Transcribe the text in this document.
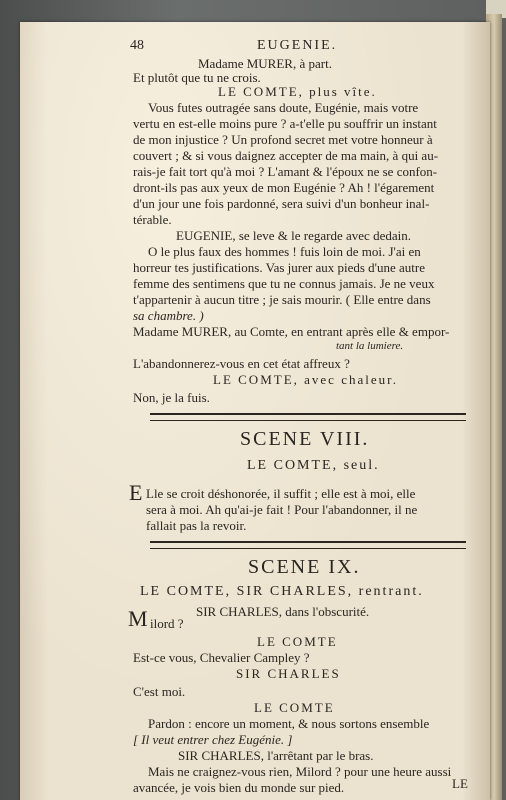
48	EUGENIE.
Madame MURER, à part.
Et plutôt que tu ne crois.
LE COMTE, plus vîte.
Vous futes outragée sans doute, Eugénie, mais votre
vertu en est-elle moins pure ? a-t'elle pu souffrir un instant
de mon injustice ? Un profond secret met votre honneur à
couvert ; & si vous daignez accepter de ma main, à qui au-
rais-je fait tort qu'à moi ? L'amant & l'époux ne se confon-
dront-ils pas aux yeux de mon Eugénie ? Ah ! l'égarement
d'un jour une fois pardonné, sera suivi d'un bonheur inal-
térable.
EUGENIE, se leve & le regarde avec dedain.
O le plus faux des hommes ! fuis loin de moi. J'ai en
horreur tes justifications. Vas jurer aux pieds d'une autre
femme des sentimens que tu ne connus jamais. Je ne veux
t'appartenir à aucun titre ; je sais mourir. ( Elle entre dans
sa chambre. )
Madame MURER, au Comte, en entrant après elle & empor-
tant la lumiere.
L'abandonnerez-vous en cet état affreux ?
LE COMTE, avec chaleur.
Non, je la fuis.
SCENE VIII.
LE COMTE, seul.
E Lle se croit déshonorée, il suffit ; elle est à moi, elle
sera à moi. Ah qu'ai-je fait ! Pour l'abandonner, il ne
fallait pas la revoir.
SCENE IX.
LE COMTE, SIR CHARLES, rentrant.
SIR CHARLES, dans l'obscurité.
M ilord ?
LE COMTE
Est-ce vous, Chevalier Campley ?
SIR CHARLES
C'est moi.
LE COMTE
Pardon : encore un moment, & nous sortons ensemble
[ Il veut entrer chez Eugénie. ]
SIR CHARLES, l'arrêtant par le bras.
Mais ne craignez-vous rien, Milord ? pour une heure aussi
avancée, je vois bien du monde sur pied.	LE
